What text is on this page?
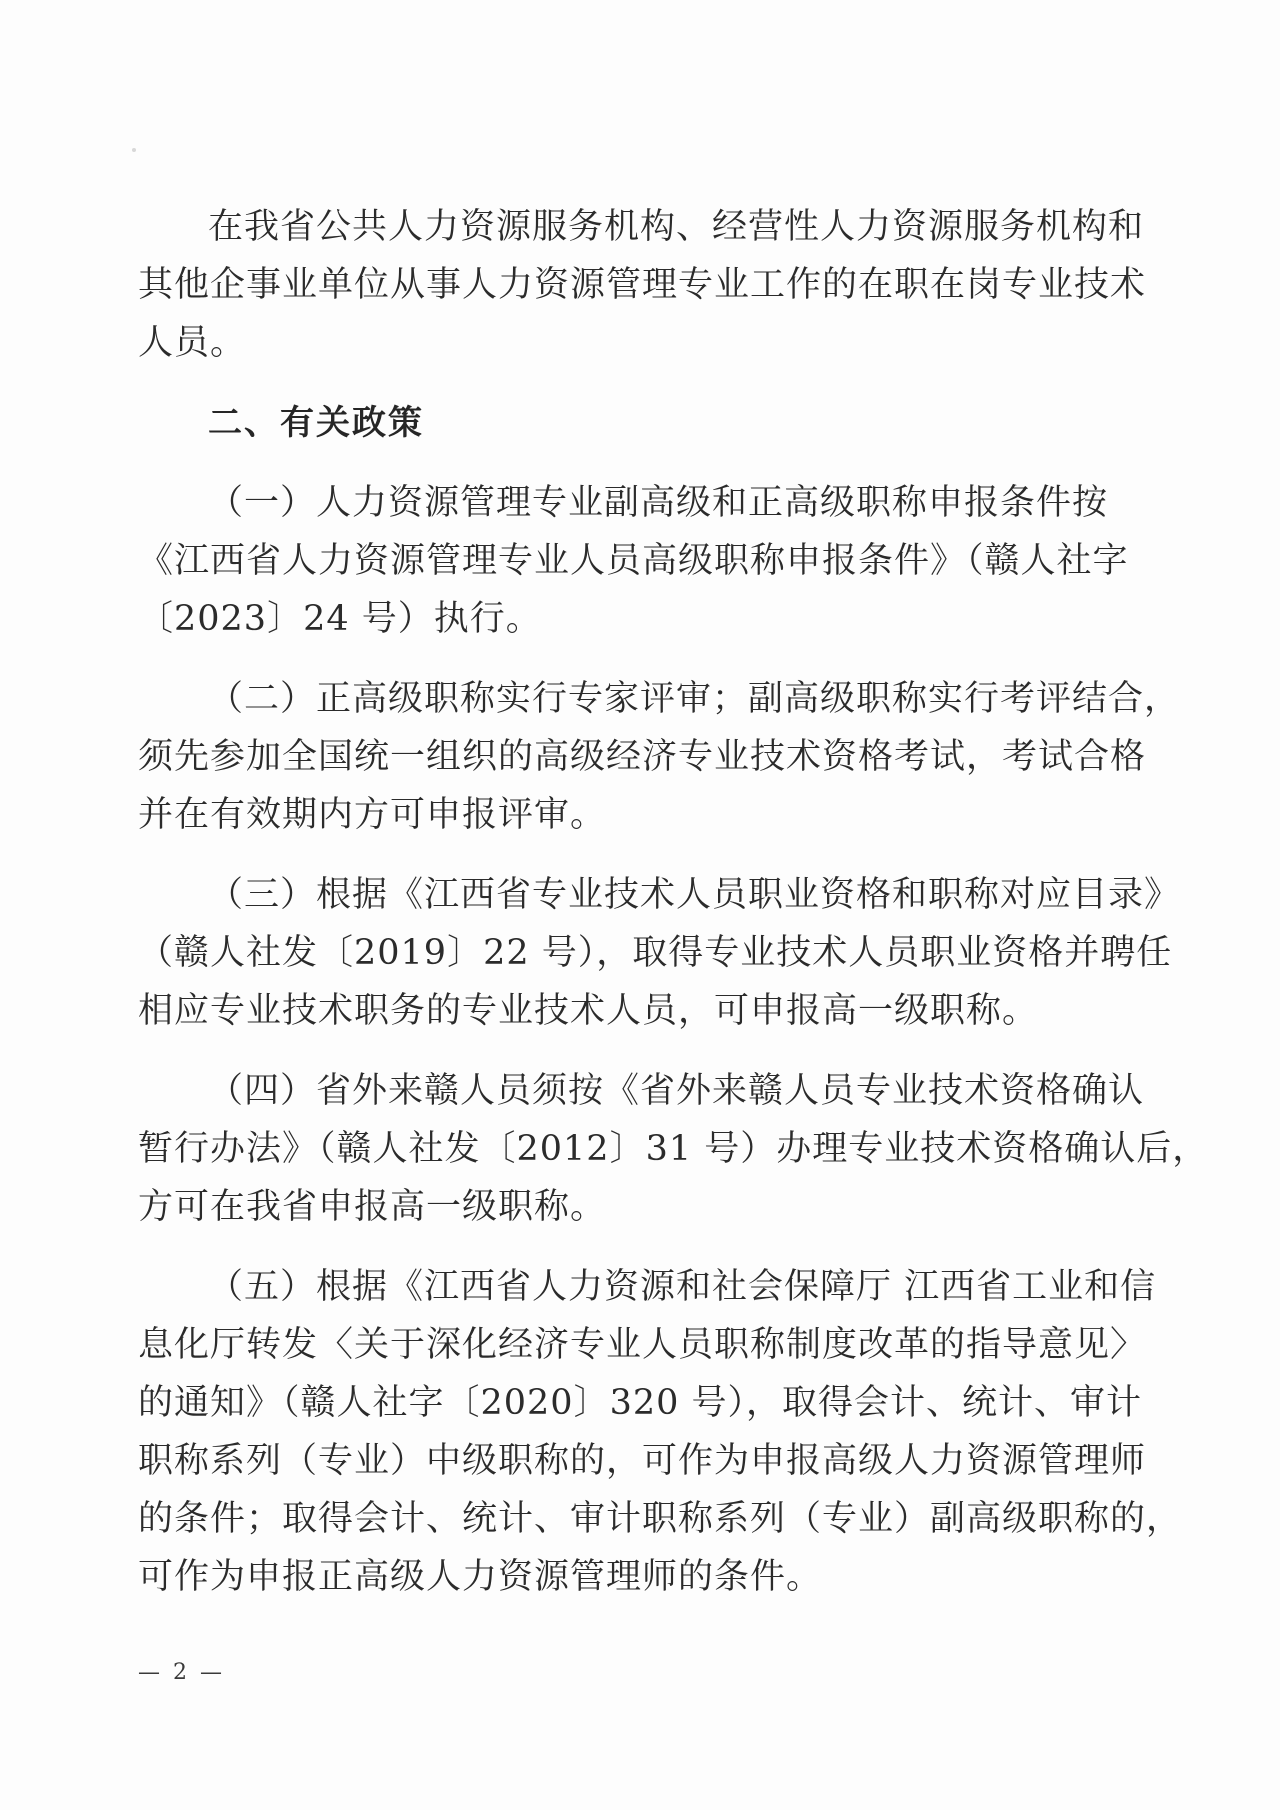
在我省公共人力资源服务机构、经营性人力资源服务机构和
其他企事业单位从事人力资源管理专业工作的在职在岗专业技术
人员。
二、有关政策
（一）人力资源管理专业副高级和正高级职称申报条件按
《江西省人力资源管理专业人员高级职称申报条件》（赣人社字
〔2023〕24 号）执行。
（二）正高级职称实行专家评审；副高级职称实行考评结合，
须先参加全国统一组织的高级经济专业技术资格考试，考试合格
并在有效期内方可申报评审。
（三）根据《江西省专业技术人员职业资格和职称对应目录》
（赣人社发〔2019〕22 号），取得专业技术人员职业资格并聘任
相应专业技术职务的专业技术人员，可申报高一级职称。
（四）省外来赣人员须按《省外来赣人员专业技术资格确认
暂行办法》（赣人社发〔2012〕31 号）办理专业技术资格确认后，
方可在我省申报高一级职称。
（五）根据《江西省人力资源和社会保障厅 江西省工业和信
息化厅转发〈关于深化经济专业人员职称制度改革的指导意见〉
的通知》（赣人社字〔2020〕320 号），取得会计、统计、审计
职称系列（专业）中级职称的，可作为申报高级人力资源管理师
的条件；取得会计、统计、审计职称系列（专业）副高级职称的，
可作为申报正高级人力资源管理师的条件。
— 2 —
